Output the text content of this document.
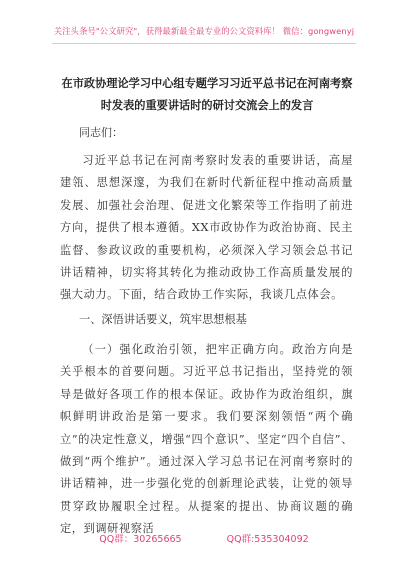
关注头条号"公文研究"，获得最新最全最专业的公文资料库！ 微信：gongwenyj
在市政协理论学习中心组专题学习习近平总书记在河南考察时发表的重要讲话时的研讨交流会上的发言

同志们：

习近平总书记在河南考察时发表的重要讲话，高屋建瓴、思想深邃，为我们在新时代新征程中推动高质量发展、加强社会治理、促进文化繁荣等工作指明了前进方向，提供了根本遵循。XX市政协作为政治协商、民主监督、参政议政的重要机构，必须深入学习领会总书记讲话精神，切实将其转化为推动政协工作高质量发展的强大动力。下面，结合政协工作实际，我谈几点体会。

一、深悟讲话要义，筑牢思想根基

（一）强化政治引领，把牢正确方向。政治方向是关乎根本的首要问题。习近平总书记指出，坚持党的领导是做好各项工作的根本保证。政协作为政治组织，旗帜鲜明讲政治是第一要求。我们要深刻领悟“两个确立”的决定性意义，增强“四个意识”、坚定“四个自信”、做到“两个维护”。通过深入学习总书记在河南考察时的讲话精神，进一步强化党的创新理论武装，让党的领导贯穿政协履职全过程。从提案的提出、协商议题的确定，到调研视察活

QQ群：30265665	QQ群:535304092
